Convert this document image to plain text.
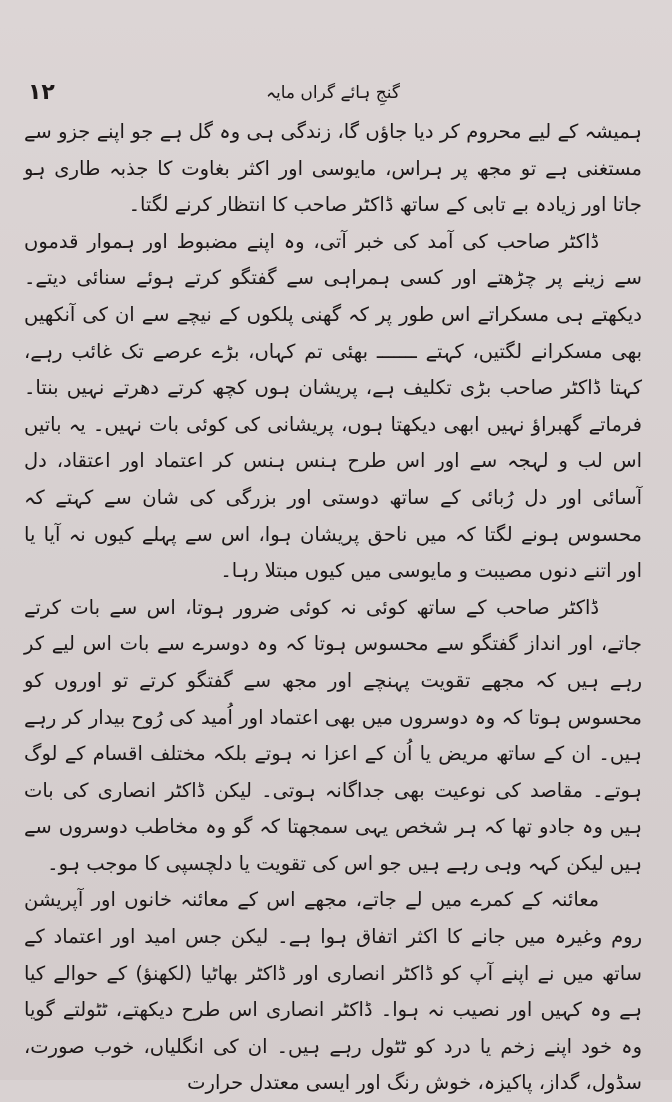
١٢	گنجِ ہائے گراں مایہ

ہمیشہ کے لیے محروم کر دیا جاؤں گا، زندگی ہی وہ گل ہے جو اپنے جزو سے مستغنی ہے تو مجھ پر ہراس، مایوسی اور اکثر بغاوت کا جذبہ طاری ہو جاتا اور زیادہ بے تابی کے ساتھ ڈاکٹر صاحب کا انتظار کرنے لگتا۔

ڈاکٹر صاحب کی آمد کی خبر آتی، وہ اپنے مضبوط اور ہموار قدموں سے زینے پر چڑھتے اور کسی ہمراہی سے گفتگو کرتے ہوئے سنائی دیتے۔ دیکھتے ہی مسکراتے اس طور پر کہ گھنی پلکوں کے نیچے سے ان کی آنکھیں بھی مسکرانے لگتیں، کہتے ـــــــ بھئی تم کہاں، بڑے عرصے تک غائب رہے، کہتا ڈاکٹر صاحب بڑی تکلیف ہے، پریشان ہوں کچھ کرتے دھرتے نہیں بنتا۔ فرماتے گھبراؤ نہیں ابھی دیکھتا ہوں، پریشانی کی کوئی بات نہیں۔ یہ باتیں اس لب و لہجہ سے اور اس طرح ہنس ہنس کر اعتماد اور اعتقاد، دل آسائی اور دل رُبائی کے ساتھ دوستی اور بزرگی کی شان سے کہتے کہ محسوس ہونے لگتا کہ میں ناحق پریشان ہوا، اس سے پہلے کیوں نہ آیا یا اور اتنے دنوں مصیبت و مایوسی میں کیوں مبتلا رہا۔

ڈاکٹر صاحب کے ساتھ کوئی نہ کوئی ضرور ہوتا، اس سے بات کرتے جاتے، اور انداز گفتگو سے محسوس ہوتا کہ وہ دوسرے سے بات اس لیے کر رہے ہیں کہ مجھے تقویت پہنچے اور مجھ سے گفتگو کرتے تو اوروں کو محسوس ہوتا کہ وہ دوسروں میں بھی اعتماد اور اُمید کی رُوح بیدار کر رہے ہیں۔ ان کے ساتھ مریض یا اُن کے اعزا نہ ہوتے بلکہ مختلف اقسام کے لوگ ہوتے۔ مقاصد کی نوعیت بھی جداگانہ ہوتی۔ لیکن ڈاکٹر انصاری کی بات ہیں وہ جادو تھا کہ ہر شخص یہی سمجھتا کہ گو وہ مخاطب دوسروں سے ہیں لیکن کہہ وہی رہے ہیں جو اس کی تقویت یا دلچسپی کا موجب ہو۔

معائنہ کے کمرے میں لے جاتے، مجھے اس کے معائنہ خانوں اور آپریشن روم وغیرہ میں جانے کا اکثر اتفاق ہوا ہے۔ لیکن جس امید اور اعتماد کے ساتھ میں نے اپنے آپ کو ڈاکٹر انصاری اور ڈاکٹر بھاٹیا (لکھنؤ) کے حوالے کیا ہے وہ کہیں اور نصیب نہ ہوا۔ ڈاکٹر انصاری اس طرح دیکھتے، ٹٹولتے گویا وہ خود اپنے زخم یا درد کو ٹٹول رہے ہیں۔ ان کی انگلیاں، خوب صورت، سڈول، گداز، پاکیزہ، خوش رنگ اور ایسی معتدل حرارت
